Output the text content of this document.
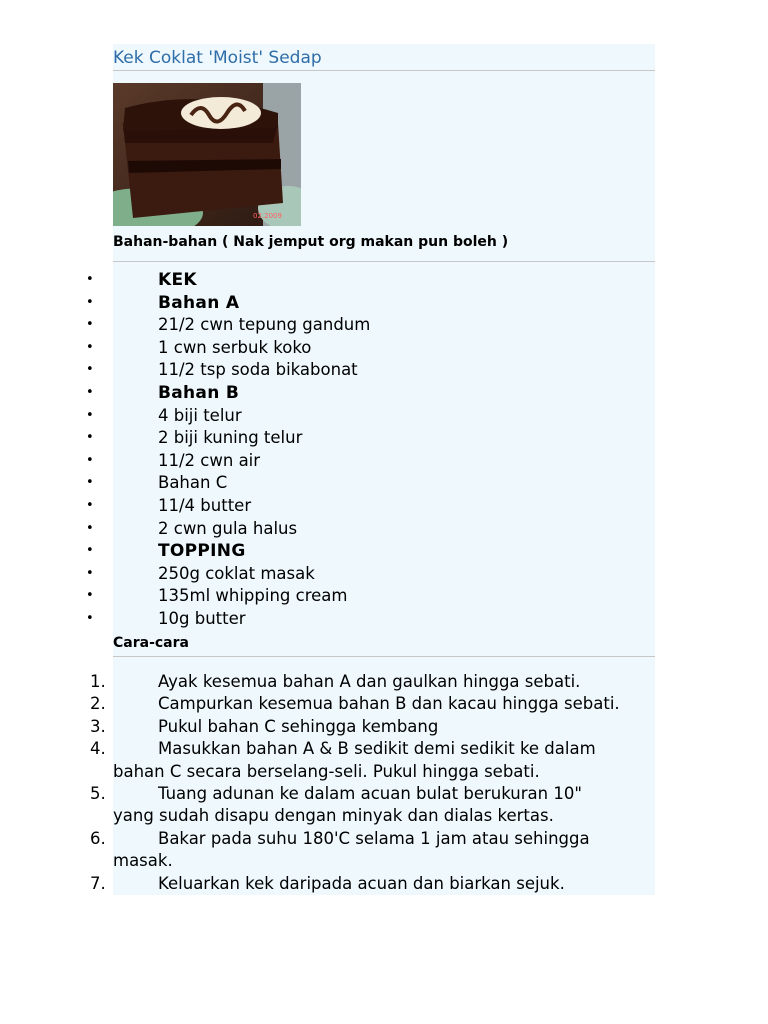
Kek Coklat 'Moist' Sedap
02.2009
Bahan-bahan ( Nak jemput org makan pun boleh )
•	KEK
•	Bahan A
•	21/2 cwn tepung gandum
•	1 cwn serbuk koko
•	11/2 tsp soda bikabonat
•	Bahan B
•	4 biji telur
•	2 biji kuning telur
•	11/2 cwn air
•	Bahan C
•	11/4 butter
•	2 cwn gula halus
•	TOPPING
•	250g coklat masak
•	135ml whipping cream
•	10g butter
Cara-cara
1.	Ayak kesemua bahan A dan gaulkan hingga sebati.
2.	Campurkan kesemua bahan B dan kacau hingga sebati.
3.	Pukul bahan C sehingga kembang
4.	Masukkan bahan A & B sedikit demi sedikit ke dalam
bahan C secara berselang-seli. Pukul hingga sebati.
5.	Tuang adunan ke dalam acuan bulat berukuran 10"
yang sudah disapu dengan minyak dan dialas kertas.
6.	Bakar pada suhu 180'C selama 1 jam atau sehingga
masak.
7.	Keluarkan kek daripada acuan dan biarkan sejuk.
